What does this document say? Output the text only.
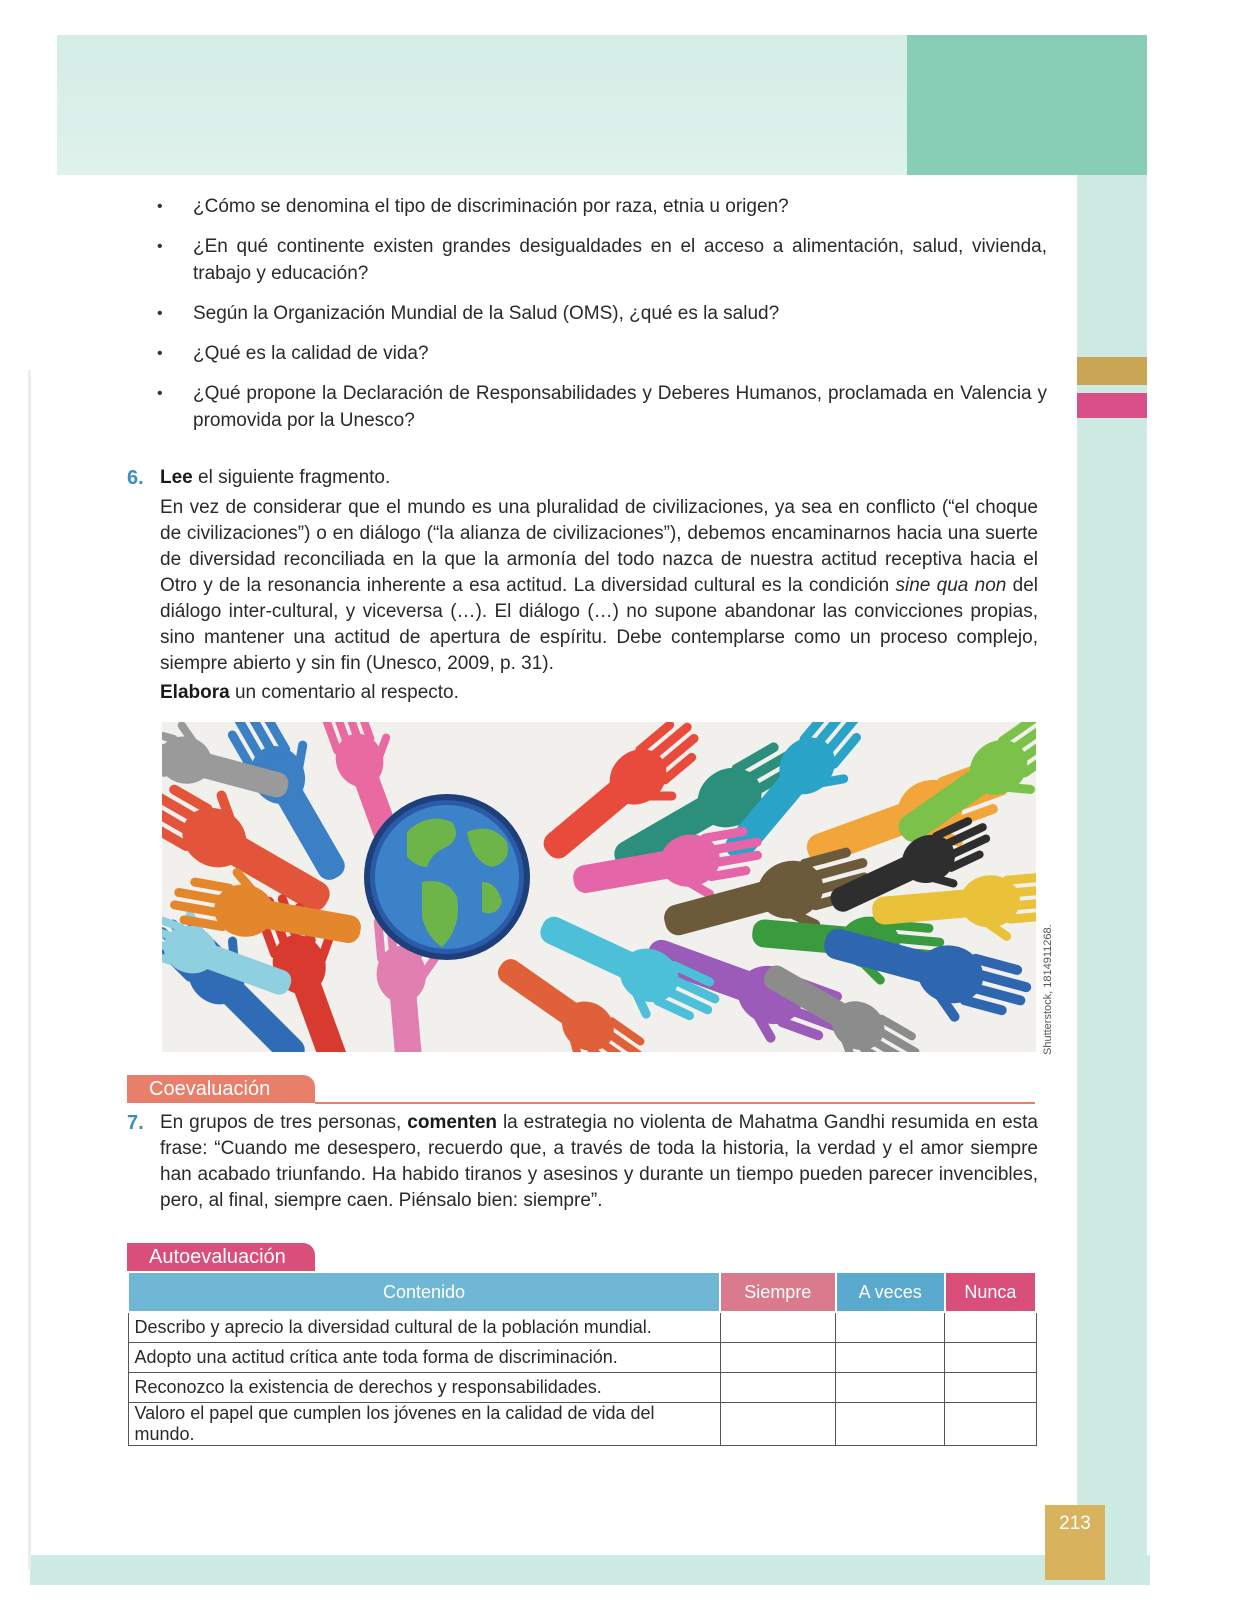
•	¿Cómo se denomina el tipo de discriminación por raza, etnia u origen?
•	¿En qué continente existen grandes desigualdades en el acceso a alimentación, salud, vivienda, trabajo y educación?
•	Según la Organización Mundial de la Salud (OMS), ¿qué es la salud?
•	¿Qué es la calidad de vida?
•	¿Qué propone la Declaración de Responsabilidades y Deberes Humanos, proclamada en Valencia y promovida por la Unesco?
6. Lee el siguiente fragmento.
En vez de considerar que el mundo es una pluralidad de civilizaciones, ya sea en conflicto (“el choque de civilizaciones”) o en diálogo (“la alianza de civilizaciones”), debemos encaminarnos hacia una suerte de diversidad reconciliada en la que la armonía del todo nazca de nuestra actitud receptiva hacia el Otro y de la resonancia inherente a esa actitud. La diversidad cultural es la condición sine qua non del diálogo inter-cultural, y viceversa (…). El diálogo (…) no supone abandonar las convicciones propias, sino mantener una actitud de apertura de espíritu. Debe contemplarse como un proceso complejo, siempre abierto y sin fin (Unesco, 2009, p. 31).
Elabora un comentario al respecto.
Shutterstock, 1814911268.
Coevaluación
7. En grupos de tres personas, comenten la estrategia no violenta de Mahatma Gandhi resumida en esta frase: “Cuando me desespero, recuerdo que, a través de toda la historia, la verdad y el amor siempre han acabado triunfando. Ha habido tiranos y asesinos y durante un tiempo pueden parecer invencibles, pero, al final, siempre caen. Piénsalo bien: siempre”.
Autoevaluación
Contenido	Siempre	A veces	Nunca
Describo y aprecio la diversidad cultural de la población mundial.			
Adopto una actitud crítica ante toda forma de discriminación.			
Reconozco la existencia de derechos y responsabilidades.			
Valoro el papel que cumplen los jóvenes en la calidad de vida del mundo.			
213
